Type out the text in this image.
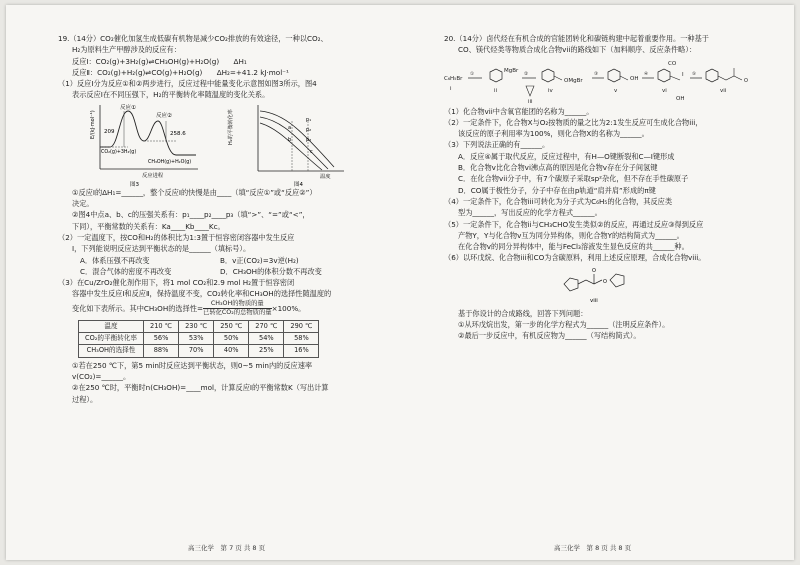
19.（14分）CO₂催化加氢生成低碳有机物是减少CO₂排放的有效途径，一种以CO₂、
H₂为原料生产甲醇涉及的反应有：
反应Ⅰ：CO₂(g)+3H₂(g)⇌CH₃OH(g)+H₂O(g)　　ΔH₁
反应Ⅱ：CO₂(g)+H₂(g)⇌CO(g)+H₂O(g)　　ΔH₂=+41.2 kJ·mol⁻¹
（1）反应Ⅰ分为反应①和②两步进行，反应过程中能量变化示意图如图3所示，图4
表示反应Ⅰ在不同压强下，H₂的平衡转化率随温度的变化关系。
E/(kJ·mol⁻¹)
反应①
反应②
209	258.6
CO₂(g)+3H₂(g)
CH₃OH(g)+H₂O(g)
反应进程
图3
H₂的平衡转化率	p₁
p₂
p₃
a
b
c
温度
图4
①反应Ⅰ的ΔH₁=______，整个反应Ⅰ的快慢是由____（填“反应①”或“反应②”）
决定。
②图4中点a、b、c的压强关系有：p₁____p₂____p₃（填“>”、“=”或“<”，
下同），平衡常数的关系有：Ka____Kb____Kc。
（2）一定温度下，按CO和H₂的体积比为1:3置于恒容密闭容器中发生反应
Ⅰ，下列能说明反应达到平衡状态的是______（填标号）。
A．体系压强不再改变	B．v正(CO₂)=3v逆(H₂)
C．混合气体的密度不再改变	D．CH₃OH的体积分数不再改变
（3）在Cu/ZrO₂催化剂作用下，将1 mol CO₂和2.9 mol H₂置于恒容密闭
容器中发生反应Ⅰ和反应Ⅱ，保持温度不变，CO₂转化率和CH₃OH的选择性随温度的
变化如下表所示。其中CH₃OH的选择性= $\frac{\text{CH₃OH的物质的量}}{\text{已转化CO₂的总物质的量}} \times 100\%$。
温度	210 ℃	230 ℃	250 ℃	270 ℃	290 ℃
CO₂的平衡转化率	56%	53%	50%	54%	58%
CH₃OH的选择性	88%	70%	40%	25%	16%
①若在250 ℃下，第5 min时反应达到平衡状态，则0~5 min内的反应速率
v(CO₂)=______。
②在250 ℃时，平衡时n(CH₃OH)=____mol，计算反应Ⅰ的平衡常数K（写出计算
过程）。
高三化学　第 7 页 共 8 页
20.（14分）卤代烃在有机合成的官能团转化和碳链构建中起着重要作用。一种基于
CO、镁代烃类等物质合成化合物vii的路线如下（加料顺序、反应条件略）：
C₆H₅Br
i
①
MgBr
ii
②
iii
OMgBr
iv
③
OH
v
④
CO
I
OH
vi
⑤
O
vii
（1）化合物vii中含氧官能团的名称为______。
（2）一定条件下，化合物X与O₂按物质的量之比为2:1发生反应可生成化合物iii，
该反应的原子利用率为100%，则化合物X的名称为______。
（3）下列说法正确的有______。
A．反应④属于取代反应，反应过程中，有H—O键断裂和C—I键形成
B．化合物v比化合物vi沸点高的原因是化合物v存在分子间氢键
C．在化合物vii分子中，有7个碳原子采取sp²杂化，但不存在手性碳原子
D．CO属于极性分子，分子中存在由p轨道“肩并肩”形成的π键
（4）一定条件下，化合物iii可转化为分子式为C₆H₅的化合物，其反应类
型为______，写出反应的化学方程式______。
（5）一定条件下，化合物ii与CH₃CHO发生类似②的反应，再通过反应③得到反应
产物Y，Y与化合物v互为同分异构体，则化合物Y的结构简式为______。
在化合物v的同分异构体中，能与FeCl₃溶液发生显色反应的共______种。
（6）以环戊烷、化合物iii和CO为含碳原料，利用上述反应原理，合成化合物viii。
O
O
viii
基于你设计的合成路线，回答下列问题：
①从环戊烷出发，第一步的化学方程式为______（注明反应条件）。
②最后一步反应中，有机反应物为______（写结构简式）。
高三化学　第 8 页 共 8 页
